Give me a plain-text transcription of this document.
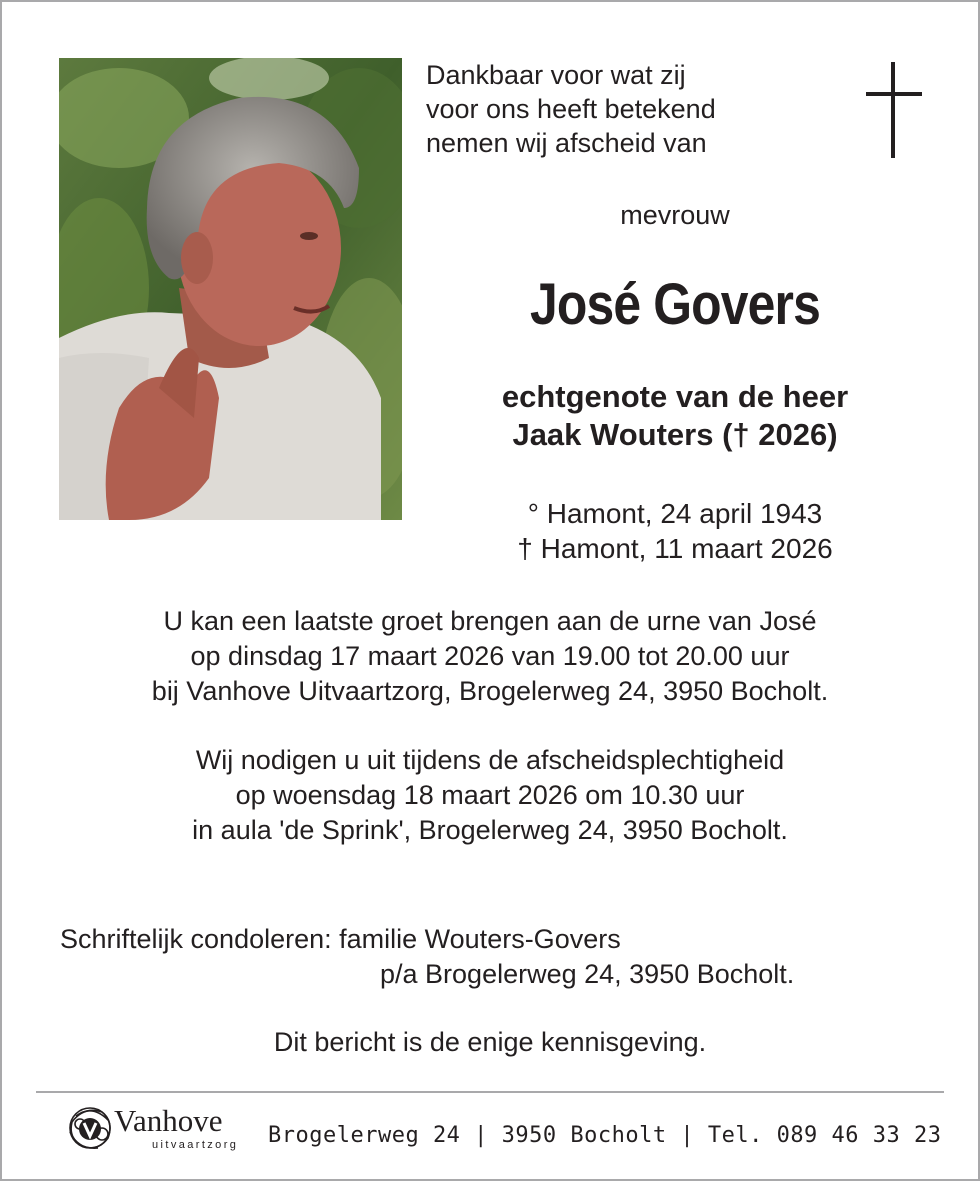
Dankbaar voor wat zij
voor ons heeft betekend
nemen wij afscheid van
mevrouw
José Govers
echtgenote van de heer
Jaak Wouters († 2026)
° Hamont, 24 april 1943
† Hamont, 11 maart 2026
U kan een laatste groet brengen aan de urne van José
op dinsdag 17 maart 2026 van 19.00 tot 20.00 uur
bij Vanhove Uitvaartzorg, Brogelerweg 24, 3950 Bocholt.
Wij nodigen u uit tijdens de afscheidsplechtigheid
op woensdag 18 maart 2026 om 10.30 uur
in aula 'de Sprink', Brogelerweg 24, 3950 Bocholt.
Schriftelijk condoleren: familie Wouters-Govers
p/a Brogelerweg 24, 3950 Bocholt.
Dit bericht is de enige kennisgeving.
Vanhove
uitvaartzorg Brogelerweg 24 | 3950 Bocholt | Tel. 089 46 33 23
